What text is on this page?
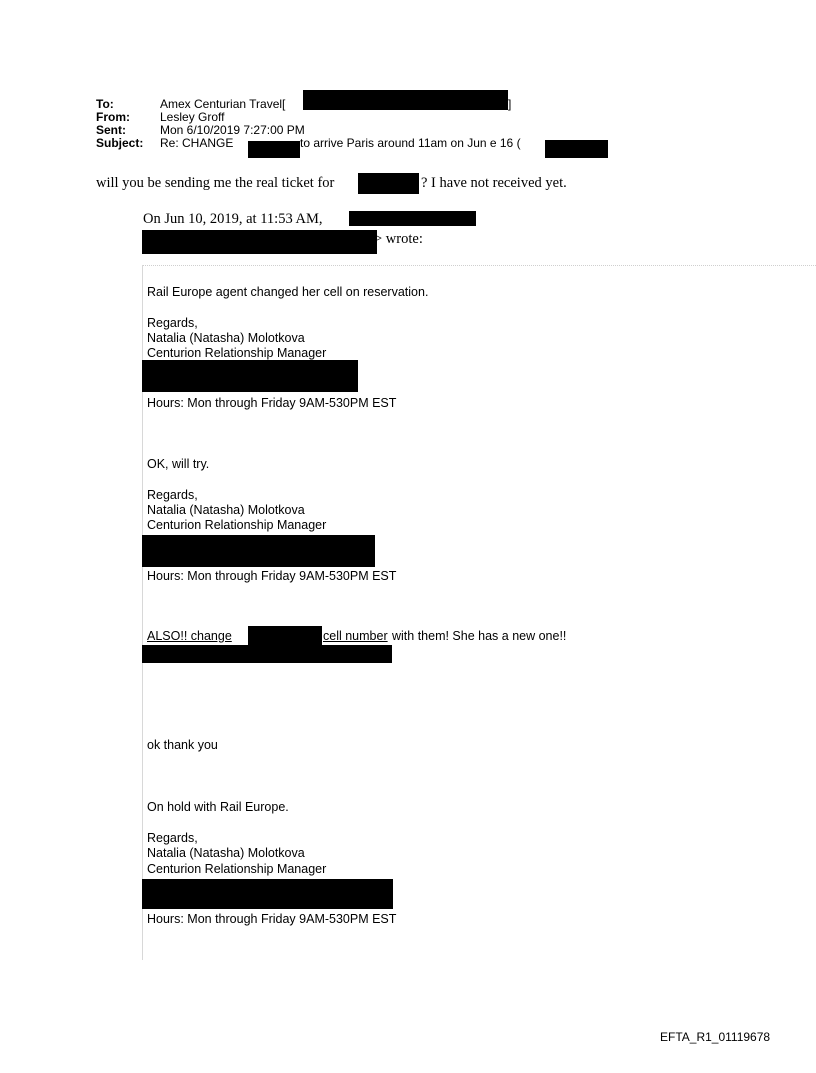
To:	Amex Centurian Travel[	]
From:	Lesley Groff
Sent:	Mon 6/10/2019 7:27:00 PM
Subject: Re: CHANGE	to arrive Paris around 11am on Jun e 16 (
will you be sending me the real ticket for	? I have not received yet.
On Jun 10, 2019, at 11:53 AM,
> wrote:
Rail Europe agent changed her cell on reservation.
Regards,
Natalia (Natasha) Molotkova
Centurion Relationship Manager
Hours: Mon through Friday 9AM-530PM EST
OK, will try.
Regards,
Natalia (Natasha) Molotkova
Centurion Relationship Manager
Hours: Mon through Friday 9AM-530PM EST
ALSO!! change	cell number with them! She has a new one!!
ok thank you
On hold with Rail Europe.
Regards,
Natalia (Natasha) Molotkova
Centurion Relationship Manager
Hours: Mon through Friday 9AM-530PM EST
EFTA_R1_01119678
